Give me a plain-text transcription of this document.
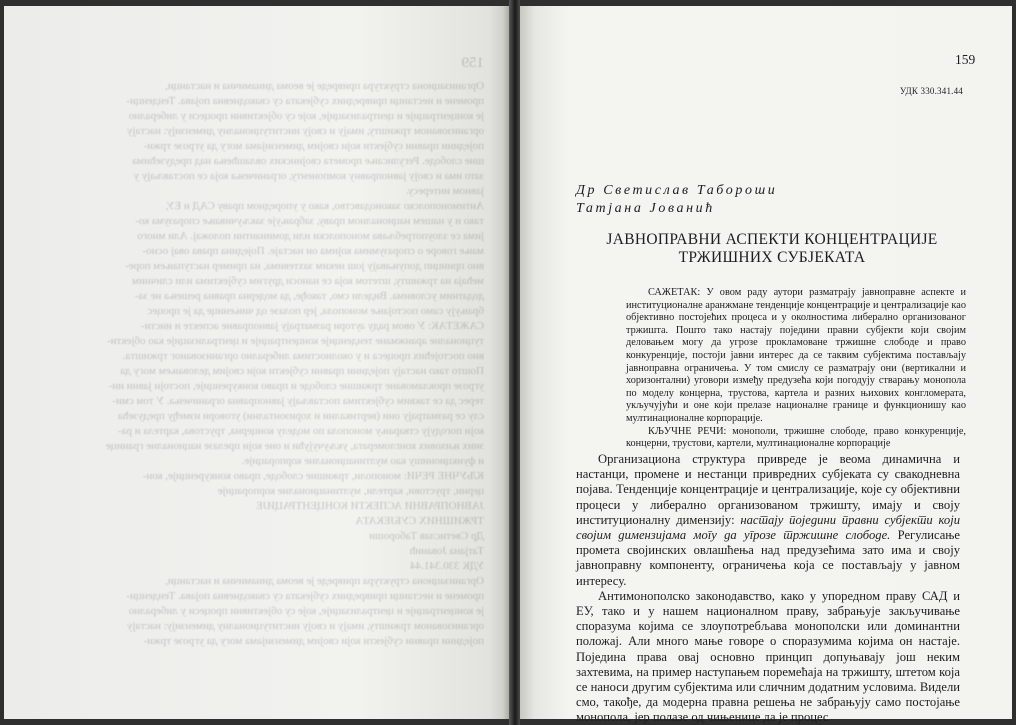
159
Организациона структура привреде је веома динамична и настанци,
промене и нестанци привредних субјеката су свакодневна појава. Тенденци-
је концентрације и централизације, које су објективни процеси у либерално
организованом тржишту, имају и своју институционалну димензију: настају
поједини правни субјекти који својим димензијама могу да угрозе тржи-
шне слободе. Регулисање промета својинских овлашћења над предузећима
зато има и своју јавноправну компоненту, ограничења која се постављају у
јавном интересу.
Антимонополско законодавство, како у упоредном праву САД и ЕУ,
тако и у нашем националном праву, забрањује закључивање споразума ко-
јима се злоупотребљава монополски или доминантни положај. Али много
мање говоре о споразумима којима он настаје. Поједина права овај осно-
вно принцип допуњавају још неким захтевима, на пример наступањем поре-
мећаја на тржишту, штетом која се наноси другим субјектима или сличним
додатним условима. Видели смо, такође, да модерна правна решења не за-
брањују само постојање монопола, јер полазе од чињенице да је процес
САЖЕТАК: У овом раду аутори разматрају јавноправне аспекте и инсти-
туционалне аранжмане тенденције концентрације и централизације као објекти-
вно постојећих процеса и у околностима либерално организованог тржишта.
Пошто тако настају поједини правни субјекти који својим деловањем могу да
угрозе прокламоване тржишне слободе и право конкуренције, постоји јавни ин-
терес да се таквим субјектима постављају јавноправна ограничења. У том сми-
слу се разматрају они (вертикални и хоризонтални) уговори између предузећа
који погодују стварању монопола по моделу концерна, трустова, картела и ра-
зних њихових конгломерата, укључујући и оне који прелазе националне границе
и функционишу као мултинационалне корпорације.
КЉУЧНЕ РЕЧИ: монополи, тржишне слободе, право конкуренције, кон-
церни, трустови, картели, мултинационалне корпорације
ЈАВНОПРАВНИ АСПЕКТИ КОНЦЕНТРАЦИЈЕ
ТРЖИШНИХ СУБЈЕКАТА
Др Светислав Табороши
Татјана Јованић
УДК 330.341.44
Организациона структура привреде је веома динамична и настанци,
промене и нестанци привредних субјеката су свакодневна појава. Тенденци-
је концентрације и централизације, које су објективни процеси у либерално
организованом тржишту, имају и своју институционалну димензију: настају
поједини правни субјекти који својим димензијама могу да угрозе тржи-
159
УДК 330.341.44
Др Светислав Табороши
Татјана Јованић
ЈАВНОПРАВНИ АСПЕКТИ КОНЦЕНТРАЦИЈЕ
ТРЖИШНИХ СУБЈЕКАТА

САЖЕТАК: У овом раду аутори разматрају јавноправне аспекте и институционалне аранжмане тенденције концентрације и централизације као објективно постојећих процеса и у околностима либерално организованог тржишта. Пошто тако настају поједини правни субјекти који својим деловањем могу да угрозе прокламоване тржишне слободе и право конкуренције, постоји јавни интерес да се таквим субјектима постављају јавноправна ограничења. У том смислу се разматрају они (вертикални и хоризонтални) уговори између предузећа који погодују стварању монопола по моделу концерна, трустова, картела и разних њихових конгломерата, укључујући и оне који прелазе националне границе и функционишу као мултинационалне корпорације.

КЉУЧНЕ РЕЧИ: монополи, тржишне слободе, право конкуренције, концерни, трустови, картели, мултинационалне корпорације

Организациона структура привреде је веома динамична и настанци, промене и нестанци привредних субјеката су свакодневна појава. Тенденције концентрације и централизације, које су објективни процеси у либерално организованом тржишту, имају и своју институционалну димензију: настају поједини правни субјекти који својим димензијама могу да угрозе тржишне слободе. Регулисање промета својинских овлашћења над предузећима зато има и своју јавноправну компоненту, ограничења која се постављају у јавном интересу.

Антимонополско законодавство, како у упоредном праву САД и ЕУ, тако и у нашем националном праву, забрањује закључивање споразума којима се злоупотребљава монополски или доминантни положај. Али много мање говоре о споразумима којима он настаје. Поједина права овај основно принцип допуњавају још неким захтевима, на пример наступањем поремећаја на тржишту, штетом која се наноси другим субјектима или сличним додатним условима. Видели смо, такође, да модерна правна решења не забрањују само постојање монопола, јер полазе од чињенице да је процес
